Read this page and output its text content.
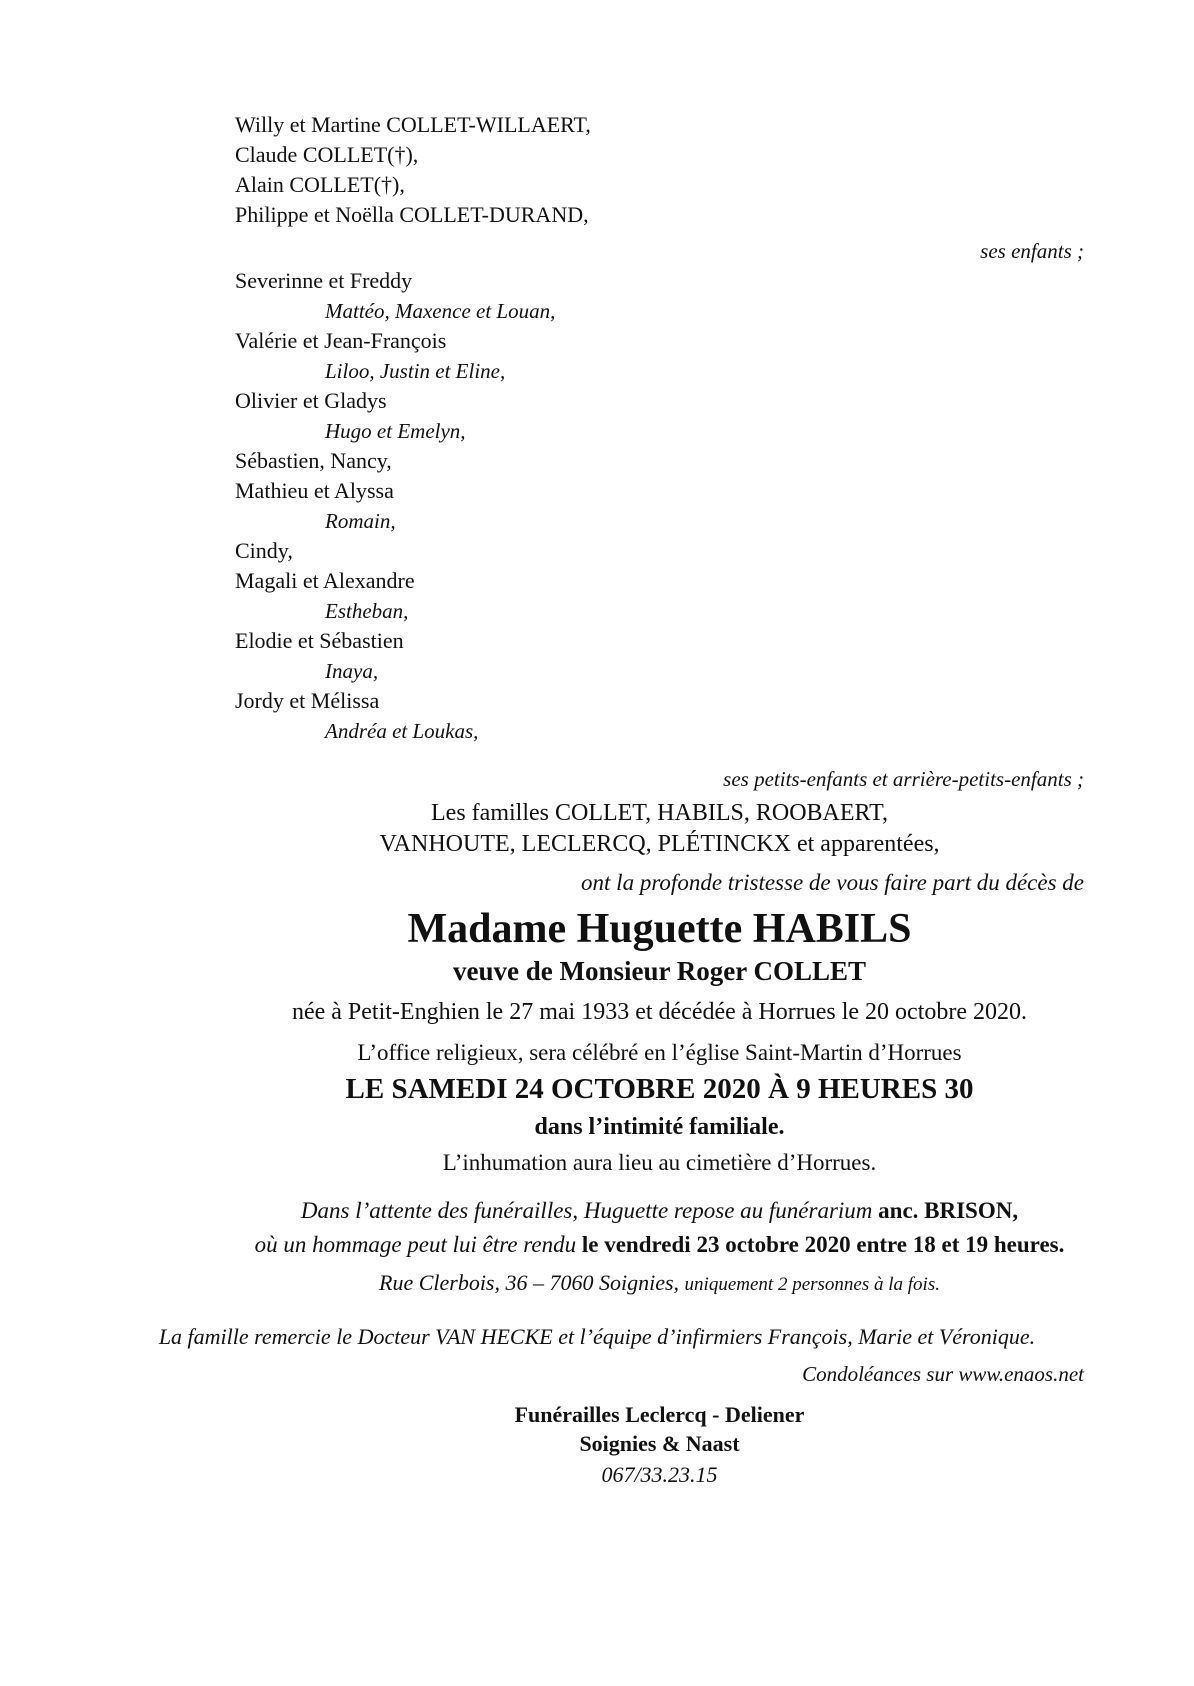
Willy et Martine COLLET-WILLAERT,
Claude COLLET(†),
Alain COLLET(†),
Philippe et Noëlla COLLET-DURAND,
ses enfants ;
Severinne et Freddy
Mattéo, Maxence et Louan,
Valérie et Jean-François
Liloo, Justin et Eline,
Olivier et Gladys
Hugo et Emelyn,
Sébastien, Nancy,
Mathieu et Alyssa
Romain,
Cindy,
Magali et Alexandre
Estheban,
Elodie et Sébastien
Inaya,
Jordy et Mélissa
Andréa et Loukas,
ses petits-enfants et arrière-petits-enfants ;
Les familles COLLET, HABILS, ROOBAERT,
VANHOUTE, LECLERCQ, PLÉTINCKX et apparentées,
ont la profonde tristesse de vous faire part du décès de
Madame Huguette HABILS
veuve de Monsieur Roger COLLET
née à Petit-Enghien le 27 mai 1933 et décédée à Horrues le 20 octobre 2020.
L’office religieux, sera célébré en l’église Saint-Martin d’Horrues
LE SAMEDI 24 OCTOBRE 2020 À 9 HEURES 30
dans l’intimité familiale.
L’inhumation aura lieu au cimetière d’Horrues.
Dans l’attente des funérailles, Huguette repose au funérarium anc. BRISON,
où un hommage peut lui être rendu le vendredi 23 octobre 2020 entre 18 et 19 heures.
Rue Clerbois, 36 – 7060 Soignies, uniquement 2 personnes à la fois.
La famille remercie le Docteur VAN HECKE et l’équipe d’infirmiers François, Marie et Véronique.
Condoléances sur www.enaos.net
Funérailles Leclercq - Deliener
Soignies & Naast
067/33.23.15
